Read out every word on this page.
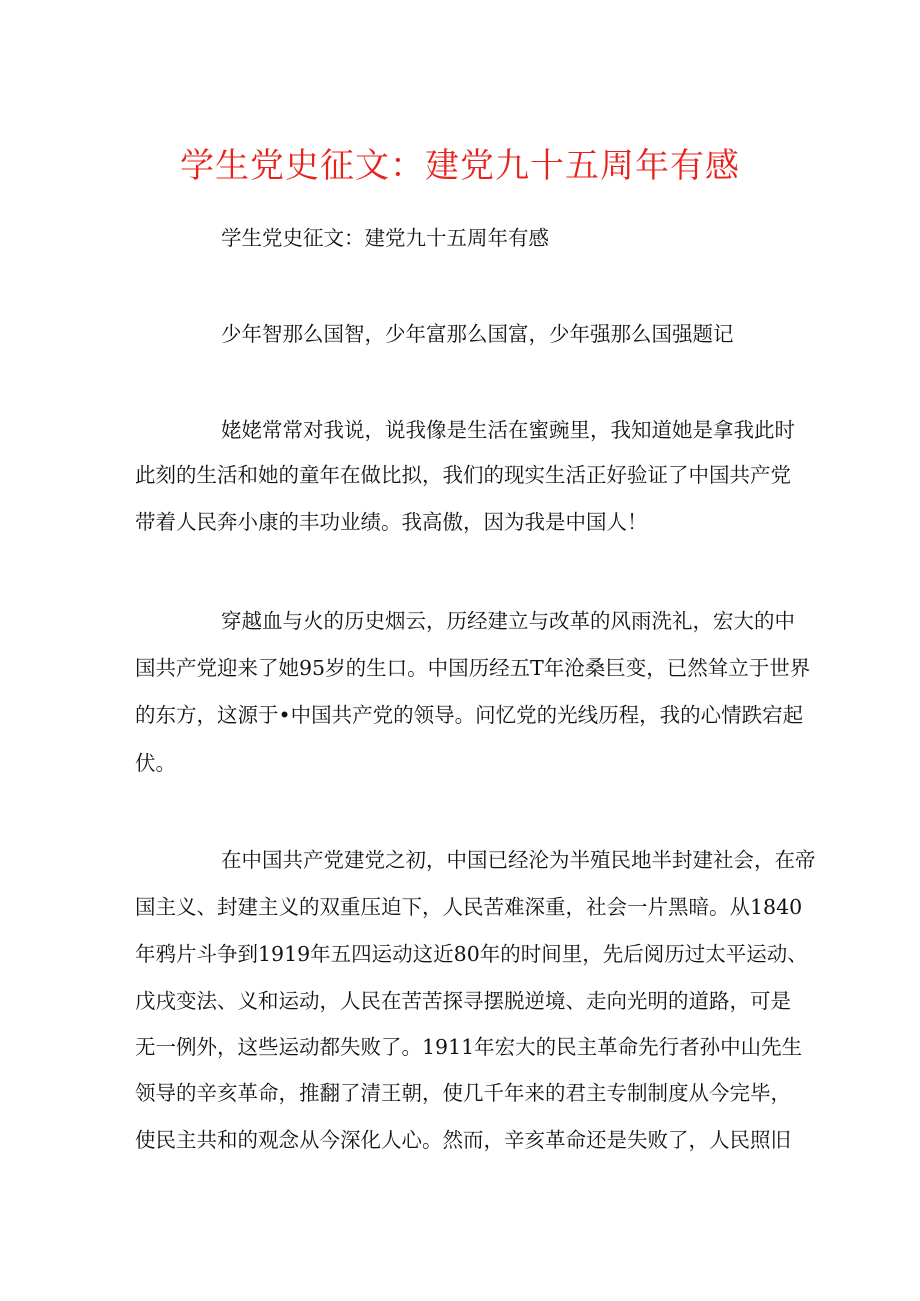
学生党史征文：建党九十五周年有感
学生党史征文：建党九十五周年有感
少年智那么国智，少年富那么国富，少年强那么国强题记
姥姥常常对我说，说我像是生活在蜜豌里，我知道她是拿我此时
此刻的生活和她的童年在做比拟，我们的现实生活正好验证了中国共产党
带着人民奔小康的丰功业绩。我高傲，因为我是中国人！
穿越血与火的历史烟云，历经建立与改革的风雨洗礼，宏大的中
国共产党迎来了她95岁的生口。中国历经五T年沧桑巨变，已然耸立于世界
的东方，这源于•中国共产党的领导。问忆党的光线历程，我的心情跌宕起
伏。
在中国共产党建党之初，中国已经沦为半殖民地半封建社会，在帝
国主义、封建主义的双重压迫下，人民苦难深重，社会一片黑暗。从1840
年鸦片斗争到1919年五四运动这近80年的时间里，先后阅历过太平运动、
戊戌变法、义和运动，人民在苦苦探寻摆脱逆境、走向光明的道路，可是
无一例外，这些运动都失败了。1911年宏大的民主革命先行者孙中山先生
领导的辛亥革命，推翻了清王朝，使几千年来的君主专制制度从今完毕，
使民主共和的观念从今深化人心。然而，辛亥革命还是失败了，人民照旧
